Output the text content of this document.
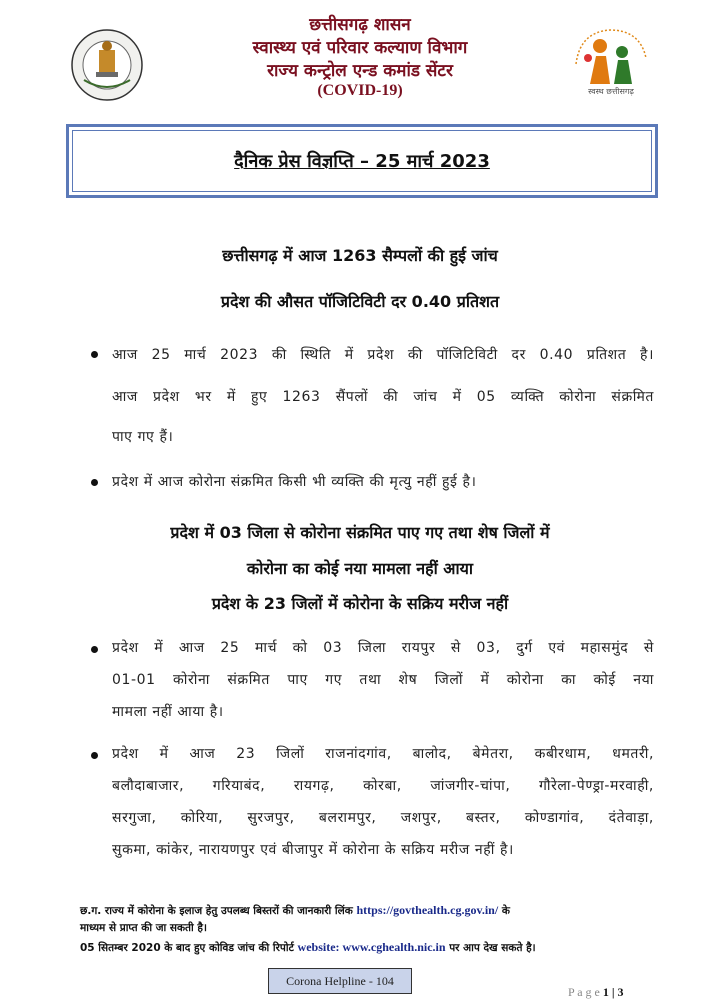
स्वस्थ छत्तीसगढ़
छत्तीसगढ़ शासन
स्वास्थ्य एवं परिवार कल्याण विभाग
राज्य कन्ट्रोल एन्ड कमांड सेंटर
(COVID-19)
दैनिक प्रेस विज्ञप्ति – 25 मार्च 2023
छत्तीसगढ़ में आज 1263 सैम्पलों की हुई जांच
प्रदेश की औसत पॉजिटिविटी दर 0.40 प्रतिशत
आज 25 मार्च 2023 की स्थिति में प्रदेश की पॉजिटिविटी दर 0.40 प्रतिशत है।
आज प्रदेश भर में हुए 1263 सैंपलों की जांच में 05 व्यक्ति कोरोना संक्रमित
पाए गए हैं।
प्रदेश में आज कोरोना संक्रमित किसी भी व्यक्ति की मृत्यु नहीं हुई है।
प्रदेश में 03 जिला से कोरोना संक्रमित पाए गए तथा शेष जिलों में
कोरोना का कोई नया मामला नहीं आया
प्रदेश के 23 जिलों में कोरोना के सक्रिय मरीज नहीं
प्रदेश में आज 25 मार्च को 03 जिला रायपुर से 03, दुर्ग एवं महासमुंद से
01-01 कोरोना संक्रमित पाए गए तथा शेष जिलों में कोरोना का कोई नया
मामला नहीं आया है।
प्रदेश में आज 23 जिलों राजनांदगांव, बालोद, बेमेतरा, कबीरधाम, धमतरी,
बलौदाबाजार, गरियाबंद, रायगढ़, कोरबा, जांजगीर-चांपा, गौरेला-पेण्ड्रा-मरवाही,
सरगुजा, कोरिया, सुरजपुर, बलरामपुर, जशपुर, बस्तर, कोण्डागांव, दंतेवाड़ा,
सुकमा, कांकेर, नारायणपुर एवं बीजापुर में कोरोना के सक्रिय मरीज नहीं है।
छ.ग. राज्य में कोरोना के इलाज हेतु उपलब्ध बिस्तरों की जानकारी लिंक https://govthealth.cg.gov.in/ के
माध्यम से प्राप्त की जा सकती है।
05 सितम्बर 2020 के बाद हुए कोविड जांच की रिपोर्ट website: www.cghealth.nic.in पर आप देख सकते है।
Corona Helpline - 104
P a g e 1 | 3
